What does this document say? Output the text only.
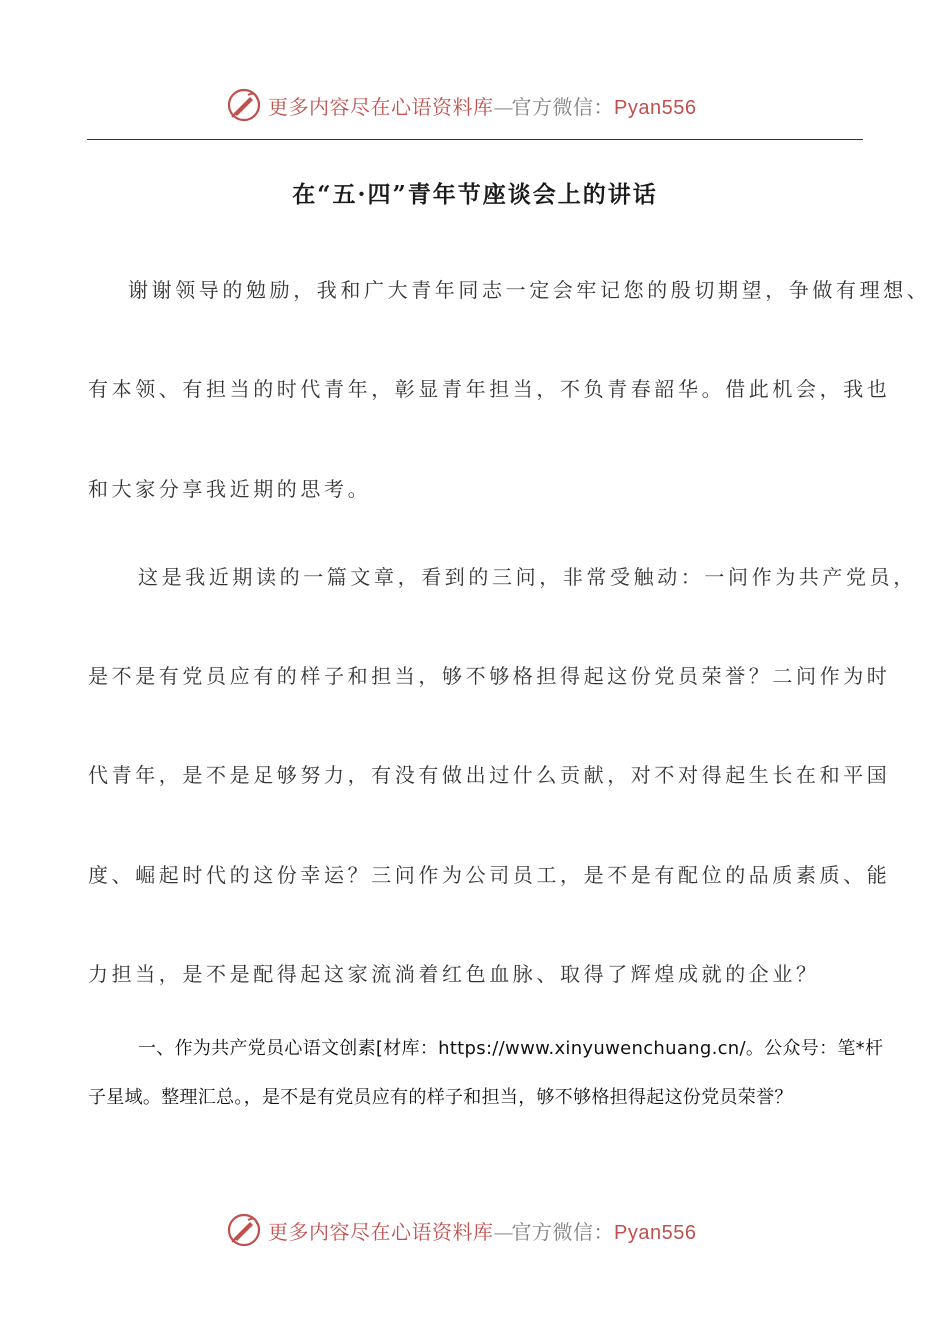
更多内容尽在心语资料库—官方微信：Pyan556
在“五·四”青年节座谈会上的讲话
谢谢领导的勉励，我和广大青年同志一定会牢记您的殷切期望，争做有理想、
有本领、有担当的时代青年，彰显青年担当，不负青春韶华。借此机会，我也
和大家分享我近期的思考。
这是我近期读的一篇文章，看到的三问，非常受触动：一问作为共产党员，
是不是有党员应有的样子和担当，够不够格担得起这份党员荣誉？二问作为时
代青年，是不是足够努力，有没有做出过什么贡献，对不对得起生长在和平国
度、崛起时代的这份幸运？三问作为公司员工，是不是有配位的品质素质、能
力担当，是不是配得起这家流淌着红色血脉、取得了辉煌成就的企业？
一、作为共产党员心语文创素[材库：https://www.xinyuwenchuang.cn/。公众号：笔*杆
子星域。整理汇总。，是不是有党员应有的样子和担当，够不够格担得起这份党员荣誉？
更多内容尽在心语资料库—官方微信：Pyan556
